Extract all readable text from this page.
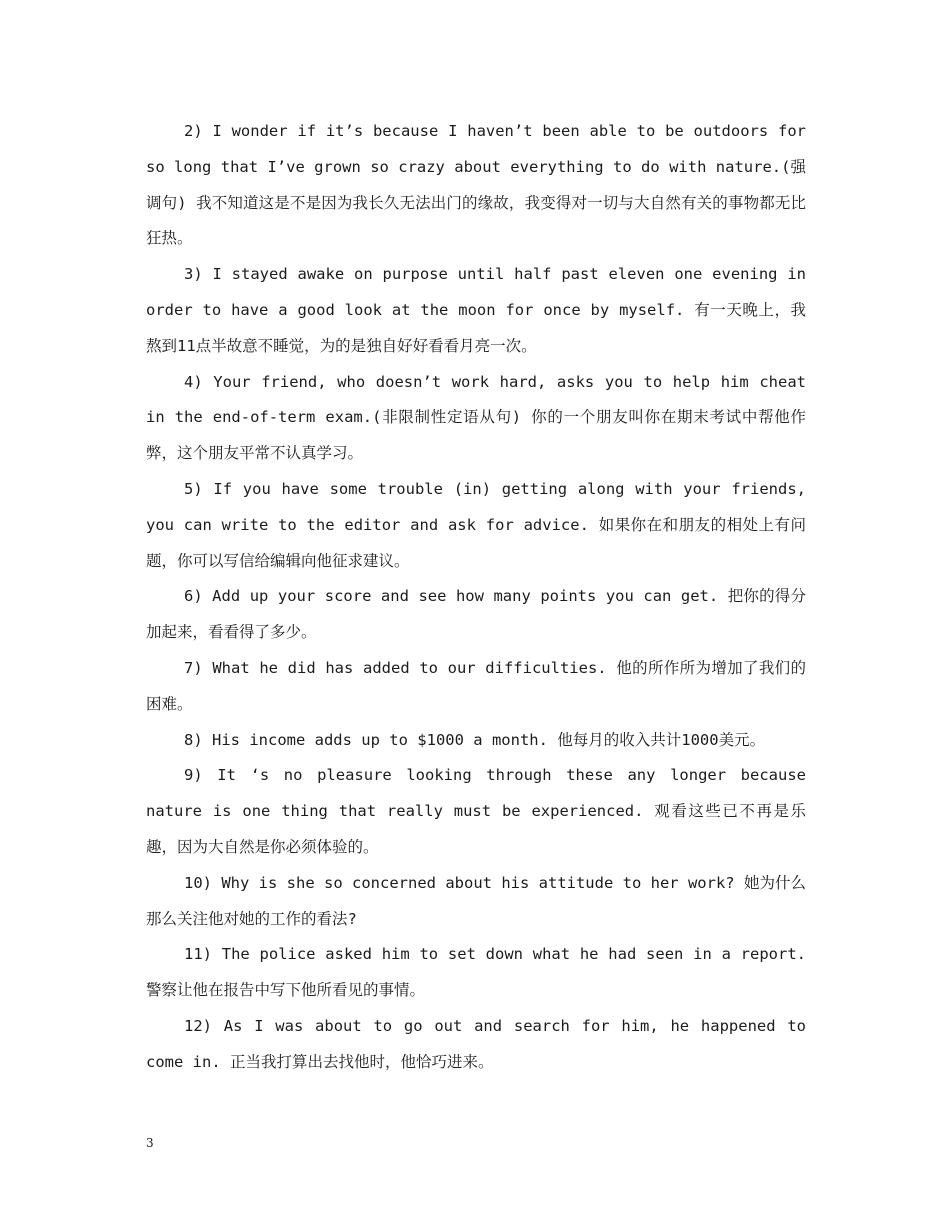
2) I wonder if it’s because I haven’t been able to be outdoors for so long that I’ve grown so crazy about everything to do with nature.(强调句) 我不知道这是不是因为我长久无法出门的缘故，我变得对一切与大自然有关的事物都无比狂热。

3) I stayed awake on purpose until half past eleven one evening in order to have a good look at the moon for once by myself. 有一天晚上，我熬到11点半故意不睡觉，为的是独自好好看看月亮一次。

4) Your friend, who doesn’t work hard, asks you to help him cheat in the end-of-term exam.(非限制性定语从句) 你的一个朋友叫你在期末考试中帮他作弊，这个朋友平常不认真学习。

5) If you have some trouble (in) getting along with your friends, you can write to the editor and ask for advice. 如果你在和朋友的相处上有问题，你可以写信给编辑向他征求建议。

6) Add up your score and see how many points you can get. 把你的得分加起来，看看得了多少。

7) What he did has added to our difficulties. 他的所作所为增加了我们的困难。

8) His income adds up to $1000 a month. 他每月的收入共计1000美元。

9) It ‘s no pleasure looking through these any longer because nature is one thing that really must be experienced. 观看这些已不再是乐趣，因为大自然是你必须体验的。

10) Why is she so concerned about his attitude to her work? 她为什么那么关注他对她的工作的看法?

11) The police asked him to set down what he had seen in a report. 警察让他在报告中写下他所看见的事情。

12) As I was about to go out and search for him, he happened to come in. 正当我打算出去找他时，他恰巧进来。

3
